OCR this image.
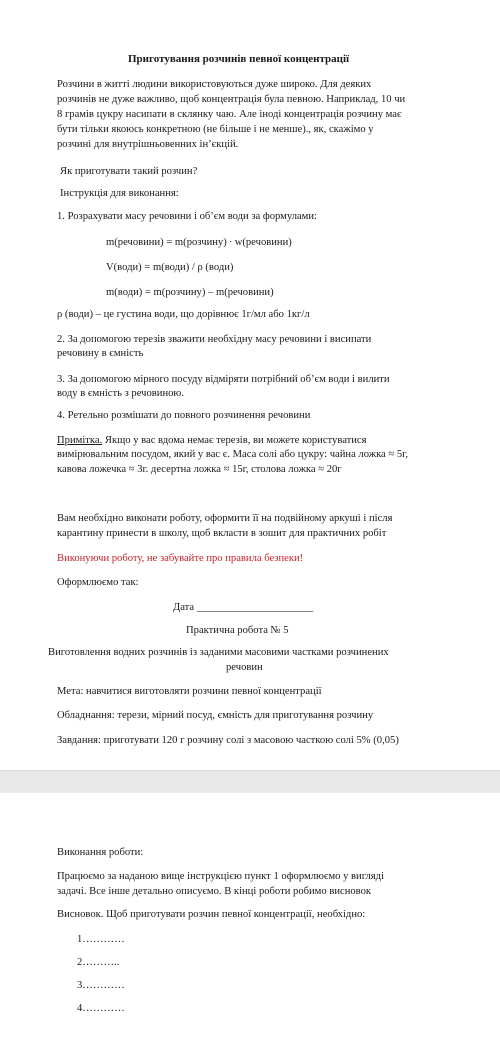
Приготування розчинів певної концентрації
Розчини в житті людини використовуються дуже широко. Для деяких
розчинів не дуже важливо, щоб концентрація була певною. Наприклад, 10 чи
8 грамів цукру насипати в склянку чаю. Але іноді концентрація розчину має
бути тільки якоюсь конкретною (не більше і не менше)., як, скажімо у
розчині для внутрішньовенних ін’єкцій.
Як приготувати такий розчин?
Інструкція для виконання:
1. Розрахувати масу речовини і об’єм води за формулами:
m(речовини) = m(розчину) ∙ w(речовини)
V(води) = m(води) / ρ (води)
m(води) = m(розчину) – m(речовини)
ρ (води) – це густина води, що дорівнює 1г/мл або 1кг/л
2. За допомогою терезів зважити необхідну масу речовини і висипати
речовину в ємність
3. За допомогою мірного посуду відміряти потрібний об’єм води і вилити
воду в ємність з речовиною.
4. Ретельно розмішати до повного розчинення речовини
Примітка. Якщо у вас вдома немає терезів, ви можете користуватися
вимірювальним посудом, який у вас є. Маса солі або цукру: чайна ложка ≈ 5г,
кавова ложечка ≈ 3г. десертна ложка ≈ 15г, столова ложка ≈ 20г
Вам необхідно виконати роботу, оформити її на подвійному аркуші і після
карантину принести в школу, щоб вкласти в зошит для практичних робіт
Виконуючи роботу, не забувайте про правила безпеки!
Оформлюємо так:
Дата ______________________
Практична робота № 5
Виготовлення водних розчинів із заданими масовими частками розчинених
речовин
Мета: навчитися виготовляти розчини певної концентрації
Обладнання: терези, мірний посуд, ємність для приготування розчину
Завдання: приготувати 120 г розчину солі з масовою часткою солі 5% (0,05)
Виконання роботи:
Працюємо за наданою вище інструкцією пункт 1 оформлюємо у вигляді
задачі. Все інше детально описуємо. В кінці роботи робимо висновок
Висновок. Щоб приготувати розчин певної концентрації, необхідно:
1…………
2………..
3…………
4…………
